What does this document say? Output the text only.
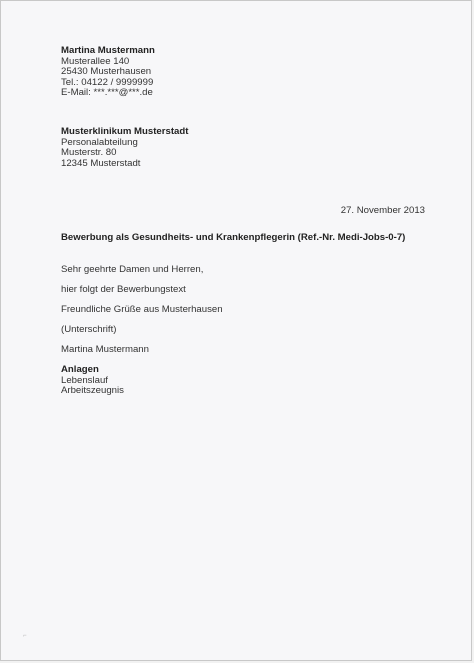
Martina Mustermann
Musterallee 140
25430 Musterhausen
Tel.: 04122 / 9999999
E-Mail: ***.***@***.de
Musterklinikum Musterstadt
Personalabteilung
Musterstr. 80
12345 Musterstadt
27. November 2013
Bewerbung als Gesundheits- und Krankenpflegerin (Ref.-Nr. Medi-Jobs-0-7)
Sehr geehrte Damen und Herren,
hier folgt der Bewerbungstext
Freundliche Grüße aus Musterhausen
(Unterschrift)
Martina Mustermann
Anlagen
Lebenslauf
Arbeitszeugnis
⌐
